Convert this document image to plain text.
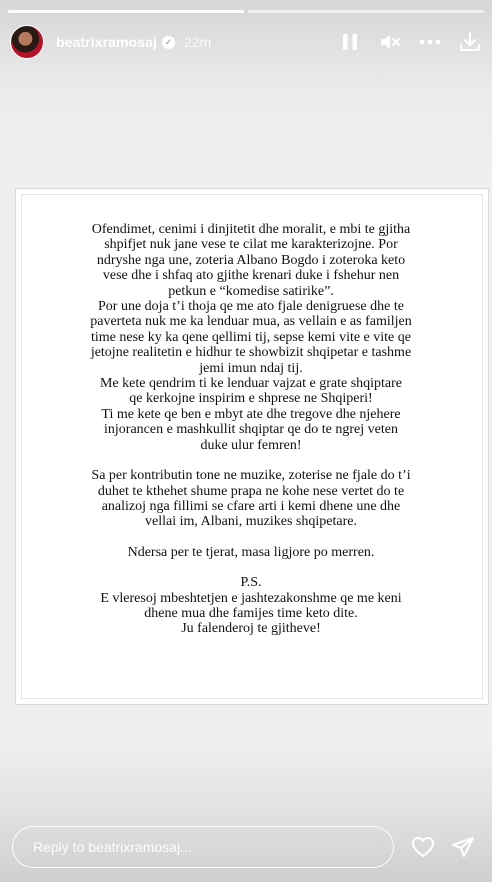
beatrixramosaj ✓ 22m

Ofendimet, cenimi i dinjitetit dhe moralit, e mbi te gjitha

shpifjet nuk jane vese te cilat me karakterizojne. Por

ndryshe nga une, zoteria Albano Bogdo i zoteroka keto

vese dhe i shfaq ato gjithe krenari duke i fshehur nen

petkun e “komedise satirike”.

Por une doja t’i thoja qe me ato fjale denigruese dhe te

paverteta nuk me ka lenduar mua, as vellain e as familjen

time nese ky ka qene qellimi tij, sepse kemi vite e vite qe

jetojne realitetin e hidhur te showbizit shqipetar e tashme

jemi imun ndaj tij.

Me kete qendrim ti ke lenduar vajzat e grate shqiptare

qe kerkojne inspirim e shprese ne Shqiperi!

Ti me kete qe ben e mbyt ate dhe tregove dhe njehere

injorancen e mashkullit shqiptar qe do te ngrej veten

duke ulur femren!

Sa per kontributin tone ne muzike, zoterise ne fjale do t’i

duhet te kthehet shume prapa ne kohe nese vertet do te

analizoj nga fillimi se cfare arti i kemi dhene une dhe

vellai im, Albani, muzikes shqipetare.

Ndersa per te tjerat, masa ligjore po merren.

P.S.

E vleresoj mbeshtetjen e jashtezakonshme qe me keni

dhene mua dhe famijes time keto dite.

Ju falenderoj te gjitheve!

Reply to beatrixramosaj...
